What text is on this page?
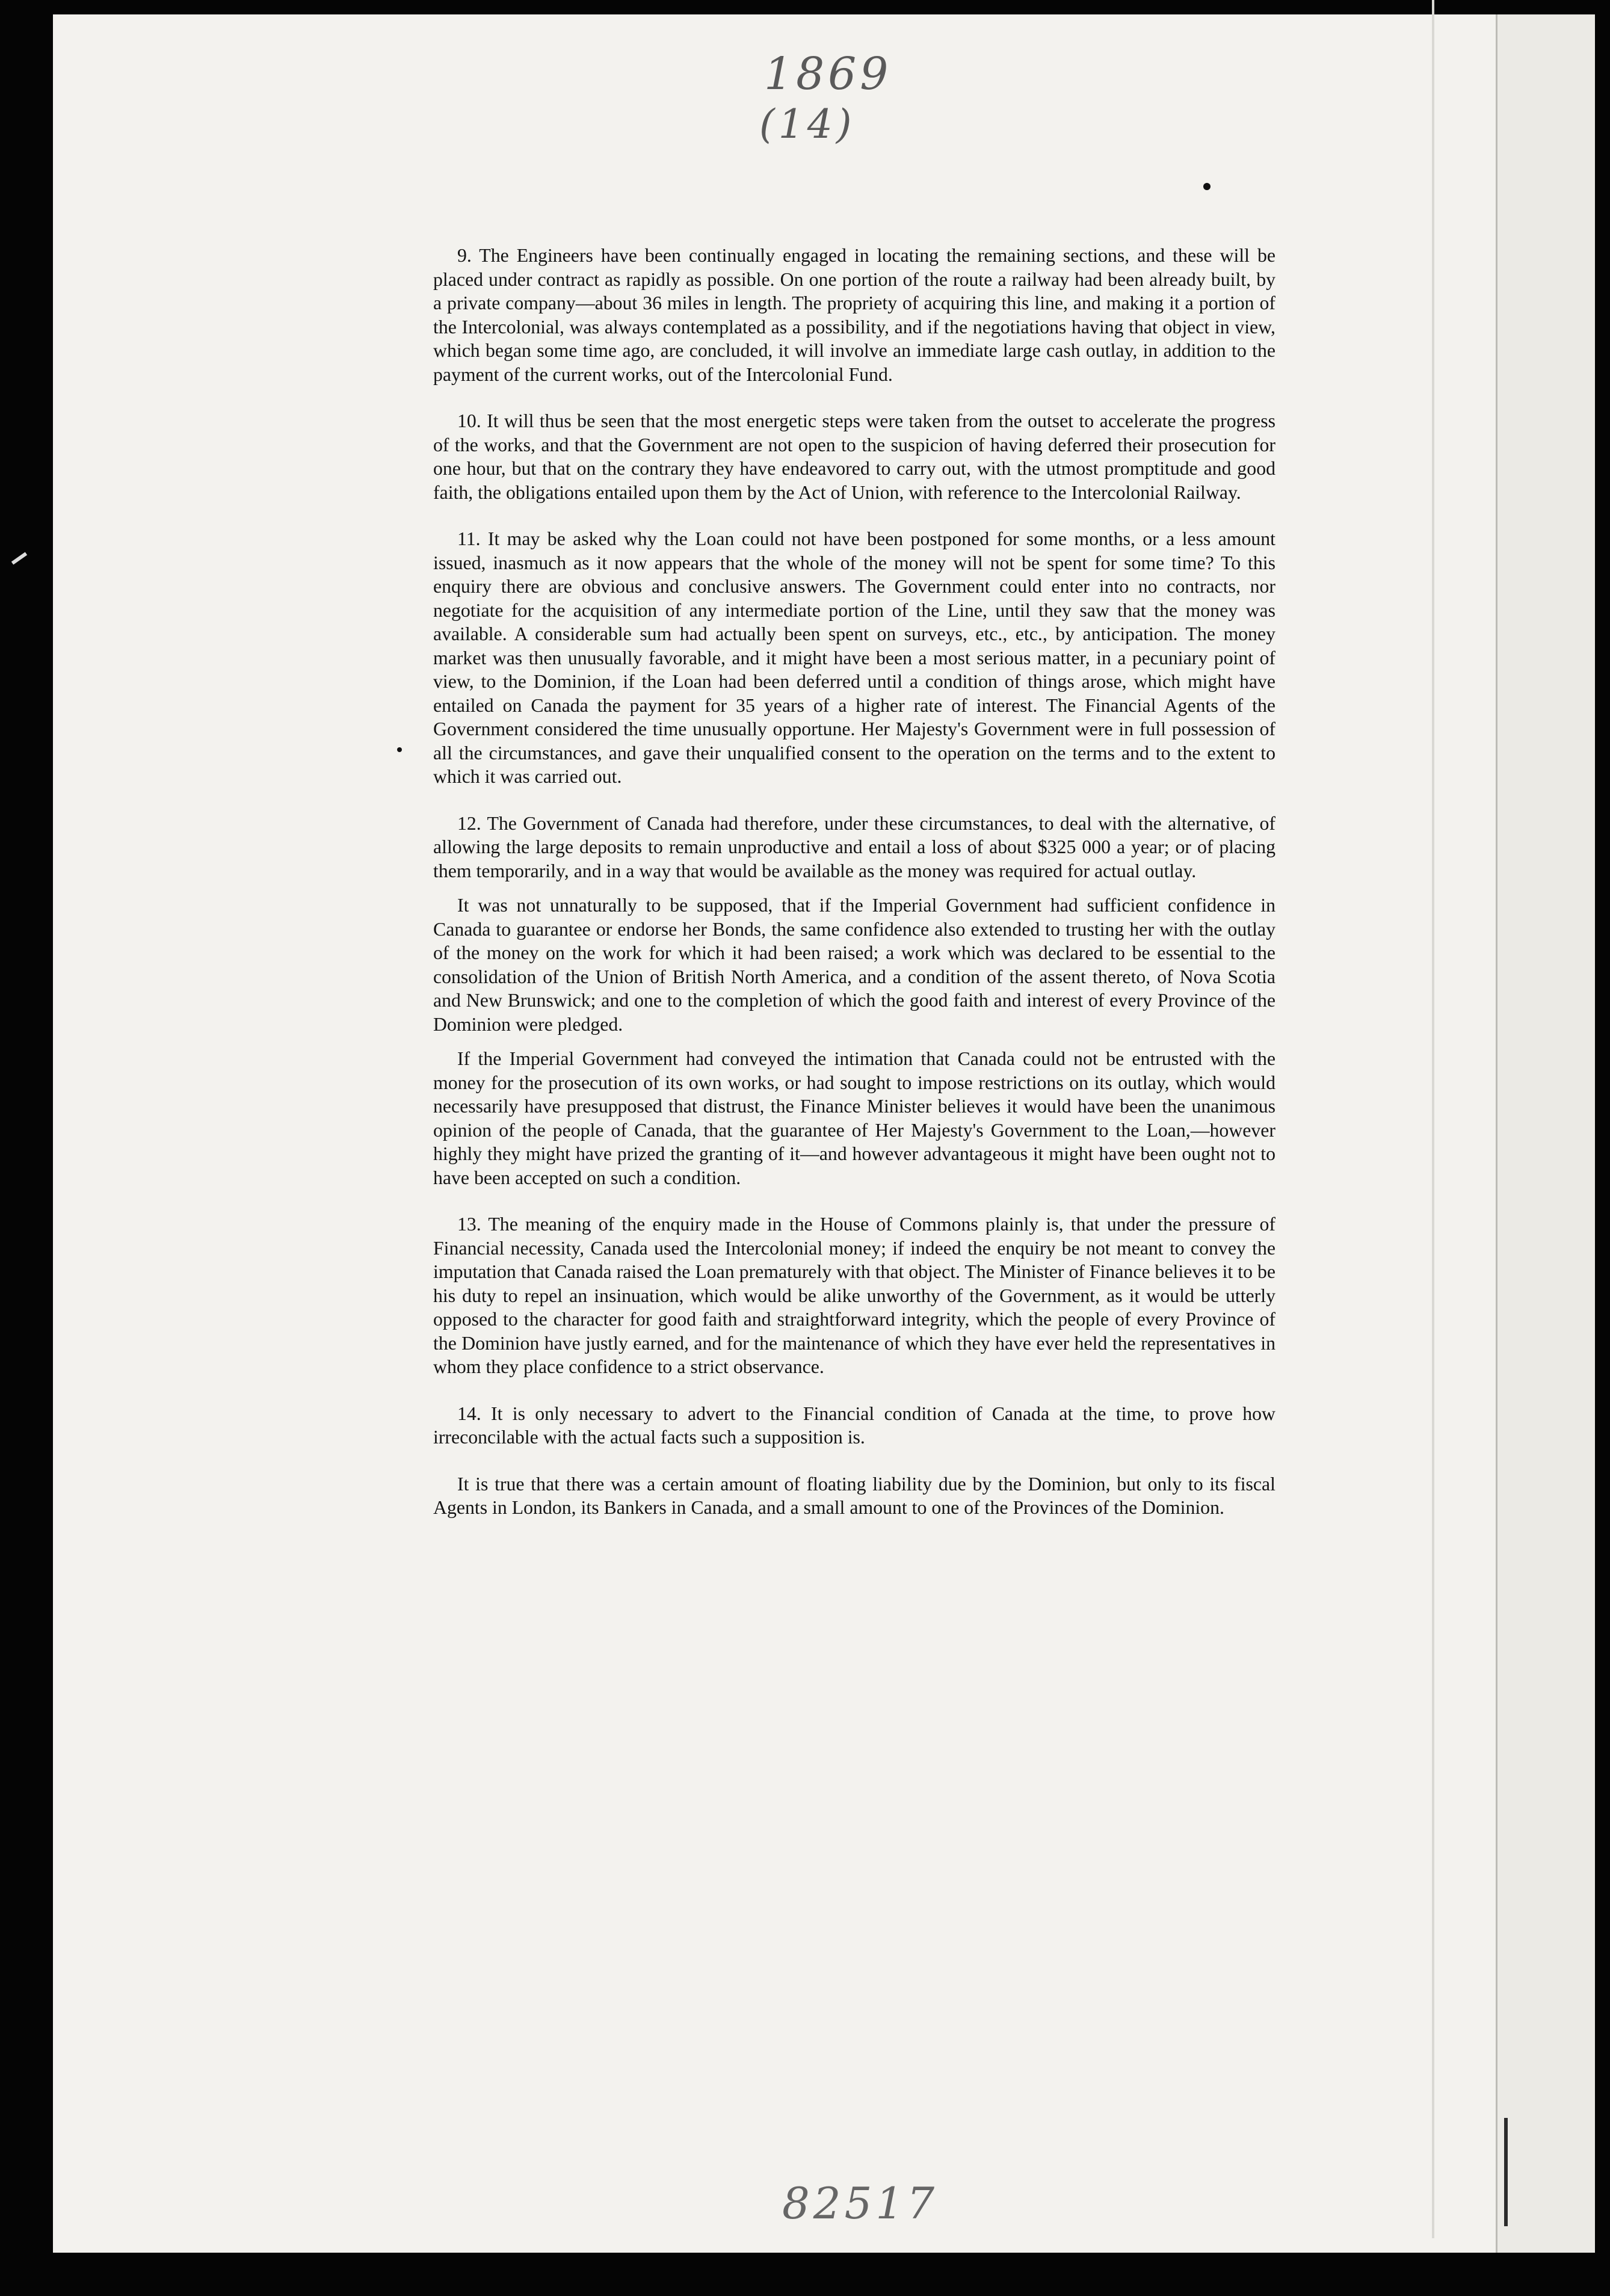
1869
(14)

9. The Engineers have been continually engaged in locating the remaining sections, and these will be placed under contract as rapidly as possible. On one portion of the route a railway had been already built, by a private company—about 36 miles in length. The propriety of acquiring this line, and making it a portion of the Intercolonial, was always contemplated as a possibility, and if the negotiations having that object in view, which began some time ago, are concluded, it will involve an immediate large cash outlay, in addition to the payment of the current works, out of the Intercolonial Fund.

10. It will thus be seen that the most energetic steps were taken from the outset to accelerate the progress of the works, and that the Government are not open to the suspicion of having deferred their prosecution for one hour, but that on the contrary they have endeavored to carry out, with the utmost promptitude and good faith, the obligations entailed upon them by the Act of Union, with reference to the Intercolonial Railway.

11. It may be asked why the Loan could not have been postponed for some months, or a less amount issued, inasmuch as it now appears that the whole of the money will not be spent for some time? To this enquiry there are obvious and conclusive answers. The Government could enter into no contracts, nor negotiate for the acquisition of any intermediate portion of the Line, until they saw that the money was available. A considerable sum had actually been spent on surveys, etc., etc., by anticipation. The money market was then unusually favorable, and it might have been a most serious matter, in a pecuniary point of view, to the Dominion, if the Loan had been deferred until a condition of things arose, which might have entailed on Canada the payment for 35 years of a higher rate of interest. The Financial Agents of the Government considered the time unusually opportune. Her Majesty's Government were in full possession of all the circumstances, and gave their unqualified consent to the operation on the terms and to the extent to which it was carried out.

12. The Government of Canada had therefore, under these circumstances, to deal with the alternative, of allowing the large deposits to remain unproductive and entail a loss of about $325 000 a year; or of placing them temporarily, and in a way that would be available as the money was required for actual outlay.

It was not unnaturally to be supposed, that if the Imperial Government had sufficient confidence in Canada to guarantee or endorse her Bonds, the same confidence also extended to trusting her with the outlay of the money on the work for which it had been raised; a work which was declared to be essential to the consolidation of the Union of British North America, and a condition of the assent thereto, of Nova Scotia and New Brunswick; and one to the completion of which the good faith and interest of every Province of the Dominion were pledged.

If the Imperial Government had conveyed the intimation that Canada could not be entrusted with the money for the prosecution of its own works, or had sought to impose restrictions on its outlay, which would necessarily have presupposed that distrust, the Finance Minister believes it would have been the unanimous opinion of the people of Canada, that the guarantee of Her Majesty's Government to the Loan,—however highly they might have prized the granting of it—and however advantageous it might have been ought not to have been accepted on such a condition.

13. The meaning of the enquiry made in the House of Commons plainly is, that under the pressure of Financial necessity, Canada used the Intercolonial money; if indeed the enquiry be not meant to convey the imputation that Canada raised the Loan prematurely with that object. The Minister of Finance believes it to be his duty to repel an insinuation, which would be alike unworthy of the Government, as it would be utterly opposed to the character for good faith and straightforward integrity, which the people of every Province of the Dominion have justly earned, and for the maintenance of which they have ever held the representatives in whom they place confidence to a strict observance.

14. It is only necessary to advert to the Financial condition of Canada at the time, to prove how irreconcilable with the actual facts such a supposition is.

It is true that there was a certain amount of floating liability due by the Dominion, but only to its fiscal Agents in London, its Bankers in Canada, and a small amount to one of the Provinces of the Dominion.

82517
